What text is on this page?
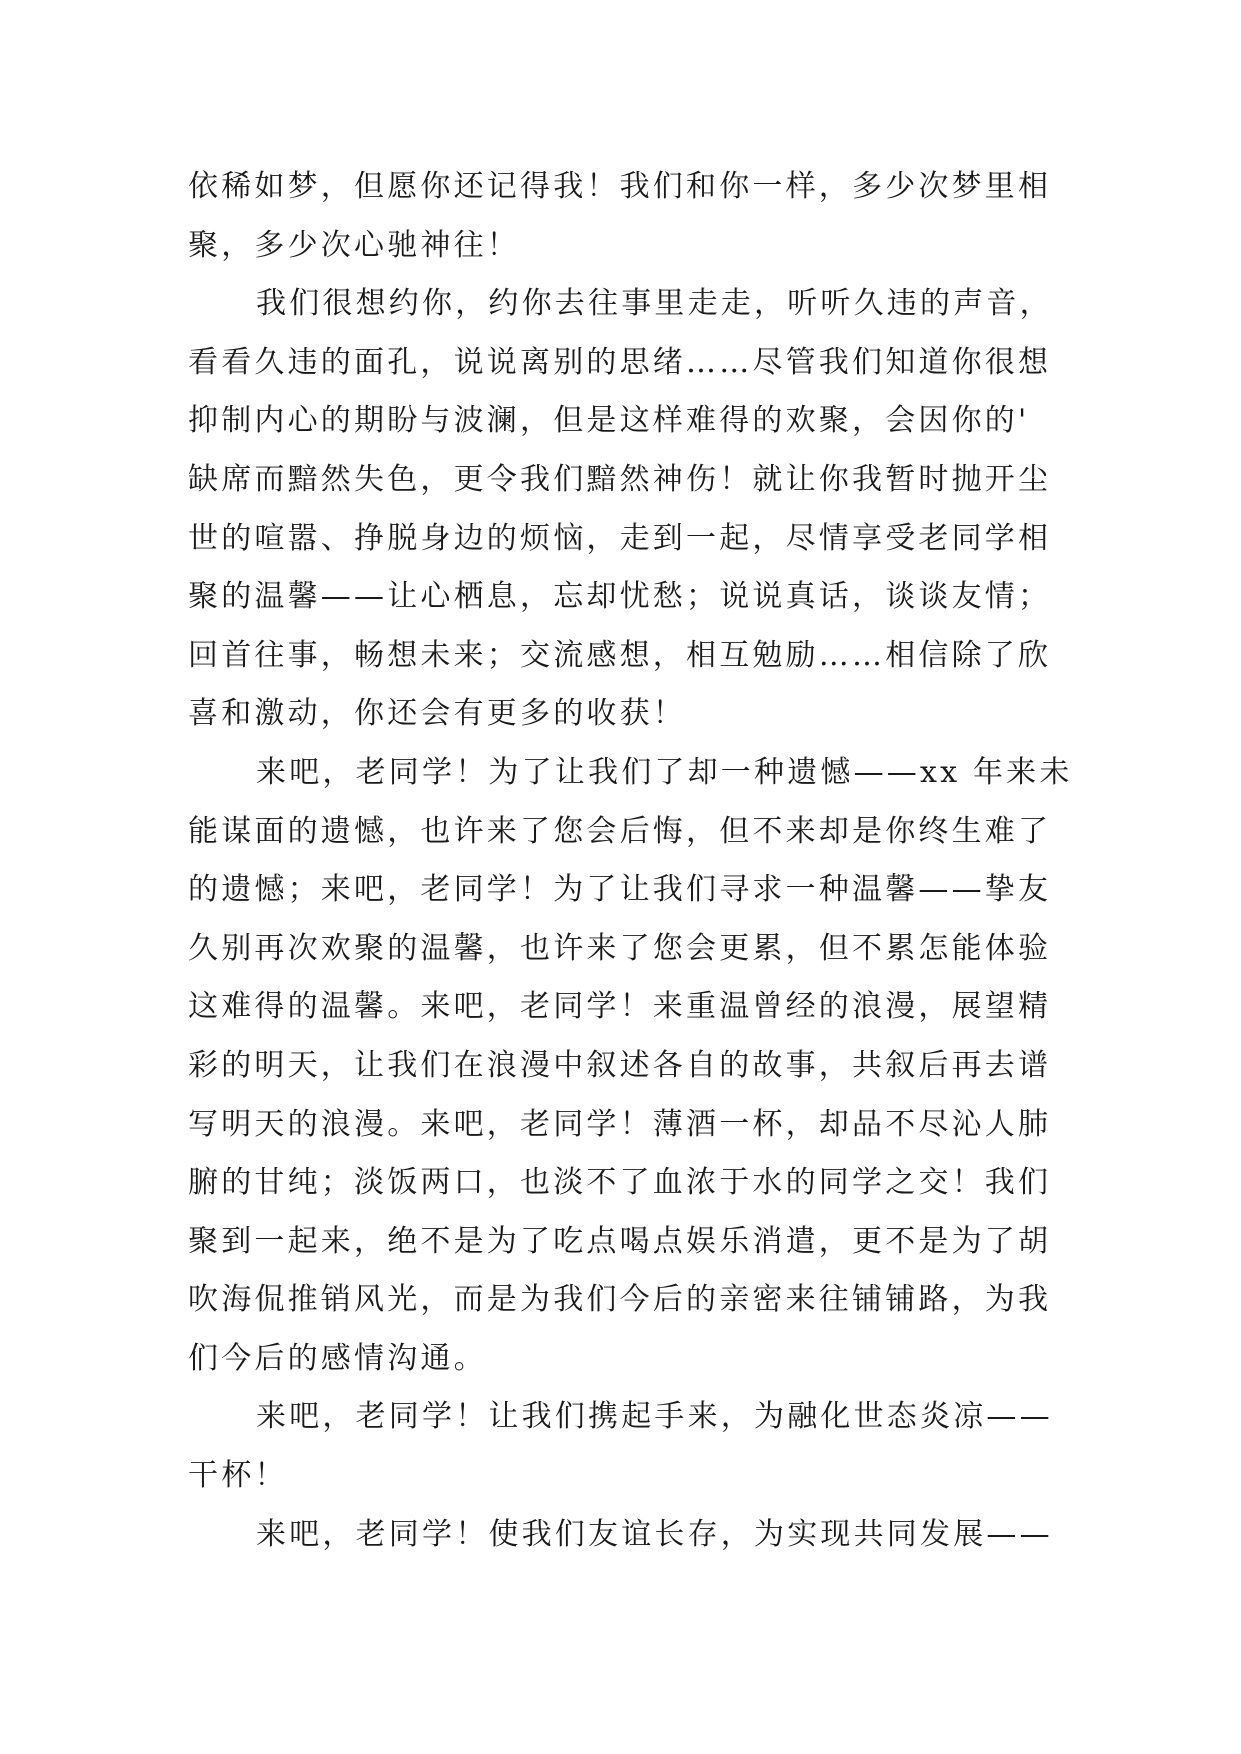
依稀如梦，但愿你还记得我！我们和你一样，多少次梦里相
聚，多少次心驰神往！
我们很想约你，约你去往事里走走，听听久违的声音，
看看久违的面孔，说说离别的思绪……尽管我们知道你很想
抑制内心的期盼与波澜，但是这样难得的欢聚，会因你的'
缺席而黯然失色，更令我们黯然神伤！就让你我暂时抛开尘
世的喧嚣、挣脱身边的烦恼，走到一起，尽情享受老同学相
聚的温馨——让心栖息，忘却忧愁；说说真话，谈谈友情；
回首往事，畅想未来；交流感想，相互勉励……相信除了欣
喜和激动，你还会有更多的收获！
来吧，老同学！为了让我们了却一种遗憾——xx 年来未
能谋面的遗憾，也许来了您会后悔，但不来却是你终生难了
的遗憾；来吧，老同学！为了让我们寻求一种温馨——挚友
久别再次欢聚的温馨，也许来了您会更累，但不累怎能体验
这难得的温馨。来吧，老同学！来重温曾经的浪漫，展望精
彩的明天，让我们在浪漫中叙述各自的故事，共叙后再去谱
写明天的浪漫。来吧，老同学！薄酒一杯，却品不尽沁人肺
腑的甘纯；淡饭两口，也淡不了血浓于水的同学之交！我们
聚到一起来，绝不是为了吃点喝点娱乐消遣，更不是为了胡
吹海侃推销风光，而是为我们今后的亲密来往铺铺路，为我
们今后的感情沟通。
来吧，老同学！让我们携起手来，为融化世态炎凉——
干杯！
来吧，老同学！使我们友谊长存，为实现共同发展——
